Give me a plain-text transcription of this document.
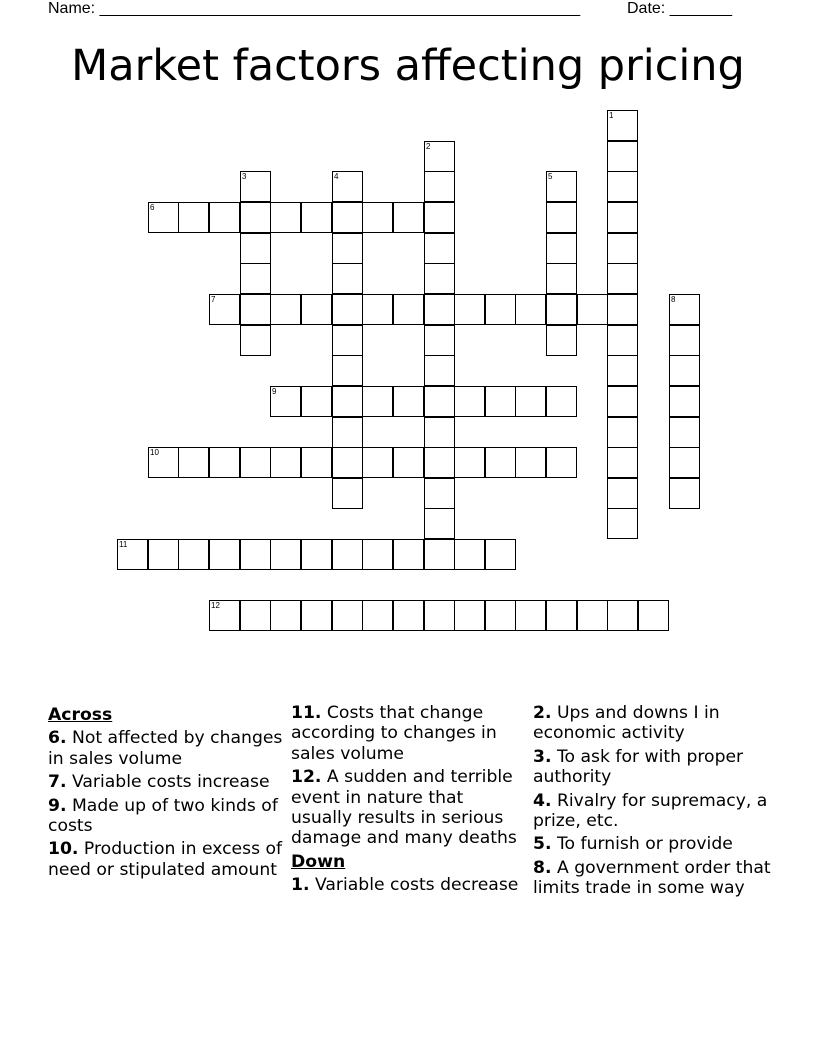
Name: ______________________________________________________	Date: _______
Market factors affecting pricing
1
2
3	4	5
6
7	8
9
10
11
12
Across
6. Not affected by changes in sales volume
7. Variable costs increase
9. Made up of two kinds of costs
10. Production in excess of need or stipulated amount
11. Costs that change according to changes in sales volume
12. A sudden and terrible event in nature that usually results in serious damage and many deaths
Down
1. Variable costs decrease
2. Ups and downs I in economic activity
3. To ask for with proper authority
4. Rivalry for supremacy, a prize, etc.
5. To furnish or provide
8. A government order that limits trade in some way
